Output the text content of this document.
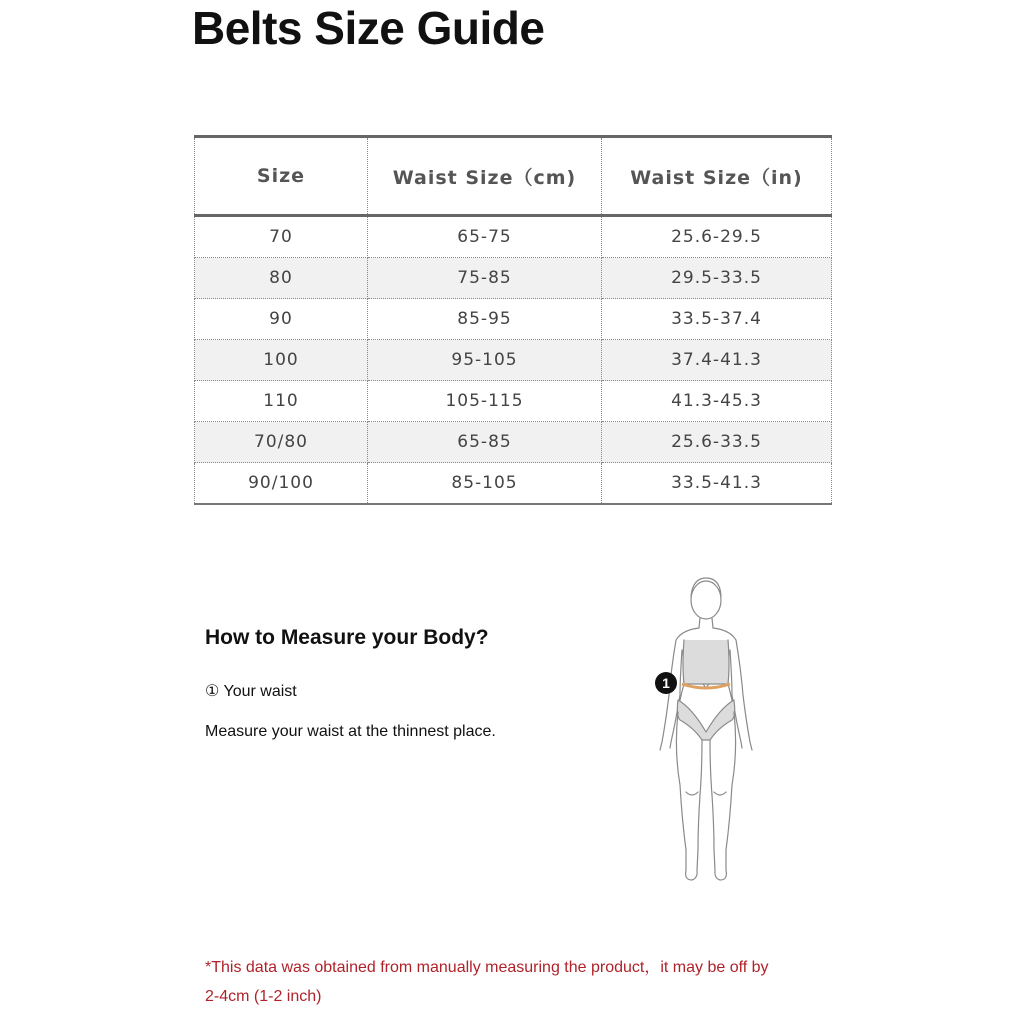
Belts Size Guide
Size	Waist Size（cm)	Waist Size（in)
70	65-75	25.6-29.5
80	75-85	29.5-33.5
90	85-95	33.5-37.4
100	95-105	37.4-41.3
110	105-115	41.3-45.3
70/80	65-85	25.6-33.5
90/100	85-105	33.5-41.3
How to Measure your Body?
① Your waist
Measure your waist at the thinnest place.
1
*This data was obtained from manually measuring the product，it may be off by
2-4cm (1-2 inch)
